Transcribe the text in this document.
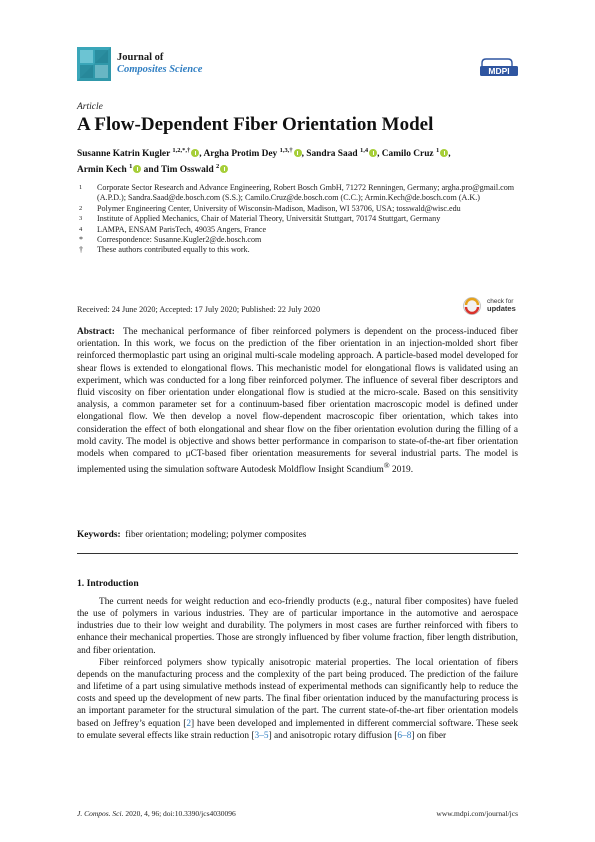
Journal of
Composites Science	MDPI
Article
A Flow-Dependent Fiber Orientation Model
Susanne Katrin Kugler $^{1,2,*,\dagger}$ , Argha Protim Dey $^{1,3,\dagger}$ , Sandra Saad $^{1,4}$ , Camilo Cruz $^1$ ,
Armin Kech $^1$ and Tim Osswald $^2$
1	Corporate Sector Research and Advance Engineering, Robert Bosch GmbH, 71272 Renningen, Germany; argha.pro@gmail.com (A.P.D.); Sandra.Saad@de.bosch.com (S.S.); Camilo.Cruz@de.bosch.com (C.C.); Armin.Kech@de.bosch.com (A.K.)
2	Polymer Engineering Center, University of Wisconsin-Madison, Madison, WI 53706, USA; tosswald@wisc.edu
3	Institute of Applied Mechanics, Chair of Material Theory, Universität Stuttgart, 70174 Stuttgart, Germany
4	LAMPA, ENSAM ParisTech, 49035 Angers, France
*	Correspondence: Susanne.Kugler2@de.bosch.com
†	These authors contributed equally to this work.
Received: 24 June 2020; Accepted: 17 July 2020; Published: 22 July 2020
check for
updates
Abstract: The mechanical performance of fiber reinforced polymers is dependent on the process-induced fiber orientation. In this work, we focus on the prediction of the fiber orientation in an injection-molded short fiber reinforced thermoplastic part using an original multi-scale modeling approach. A particle-based model developed for shear flows is extended to elongational flows. This mechanistic model for elongational flows is validated using an experiment, which was conducted for a long fiber reinforced polymer. The influence of several fiber descriptors and fluid viscosity on fiber orientation under elongational flow is studied at the micro-scale. Based on this sensitivity analysis, a common parameter set for a continuum-based fiber orientation macroscopic model is defined under elongational flow. We then develop a novel flow-dependent macroscopic fiber orientation, which takes into consideration the effect of both elongational and shear flow on the fiber orientation evolution during the filling of a mold cavity. The model is objective and shows better performance in comparison to state-of-the-art fiber orientation models when compared to μCT-based fiber orientation measurements for several industrial parts. The model is implemented using the simulation software Autodesk Moldflow Insight Scandium® 2019.
Keywords: fiber orientation; modeling; polymer composites
1. Introduction

The current needs for weight reduction and eco-friendly products (e.g., natural fiber composites) have fueled the use of polymers in various industries. They are of particular importance in the automotive and aerospace industries due to their low weight and durability. The polymers in most cases are further reinforced with fibers to enhance their mechanical properties. Those are strongly influenced by fiber volume fraction, fiber length distribution, and fiber orientation.

Fiber reinforced polymers show typically anisotropic material properties. The local orientation of fibers depends on the manufacturing process and the complexity of the part being produced. The prediction of the failure and lifetime of a part using simulative methods instead of experimental methods can significantly help to reduce the costs and speed up the development of new parts. The final fiber orientation induced by the manufacturing process is an important parameter for the structural simulation of the part. The current state-of-the-art fiber orientation models based on Jeffrey’s equation [2] have been developed and implemented in different commercial software. These seek to emulate several effects like strain reduction [3–5] and anisotropic rotary diffusion [6–8] on fiber

J. Compos. Sci. 2020, 4, 96; doi:10.3390/jcs4030096	www.mdpi.com/journal/jcs
